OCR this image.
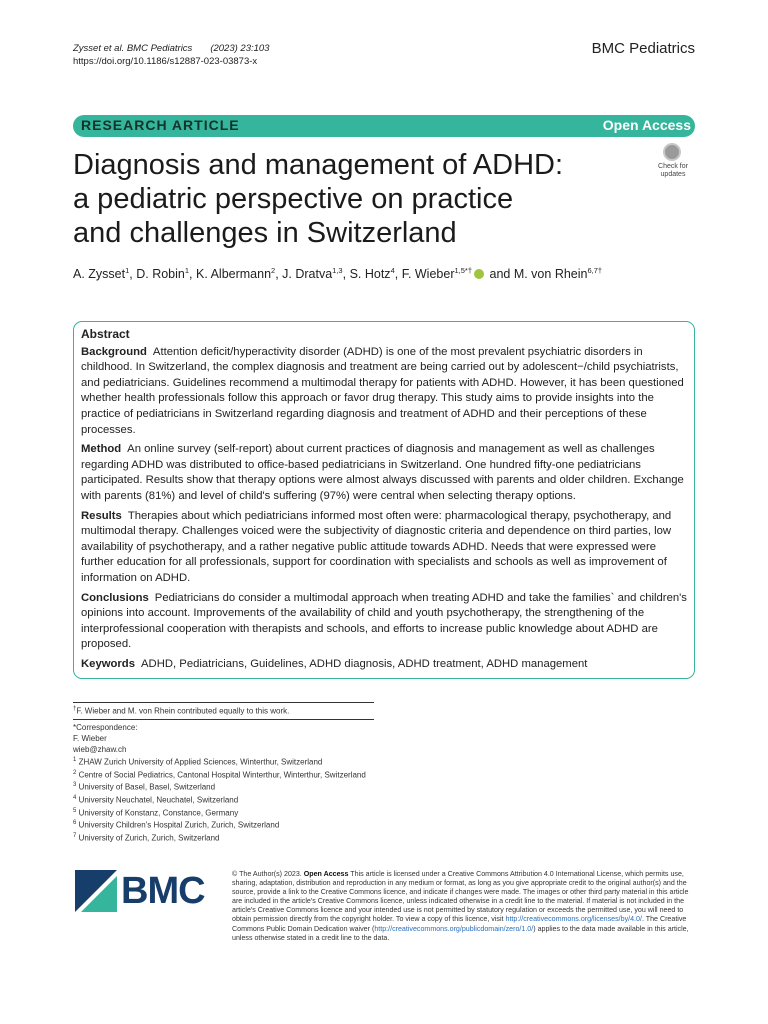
Zysset et al. BMC Pediatrics (2023) 23:103
https://doi.org/10.1186/s12887-023-03873-x
BMC Pediatrics
RESEARCH ARTICLE	Open Access
Diagnosis and management of ADHD:
a pediatric perspective on practice
and challenges in Switzerland
Check for
updates
A. Zysset$^1$, D. Robin$^1$, K. Albermann$^2$, J. Dratva$^{1,3}$, S. Hotz$^4$, F. Wieber$^{1,5*\dagger}$ and M. von Rhein$^{6,7\dagger}$
Abstract

Background Attention deficit/hyperactivity disorder (ADHD) is one of the most prevalent psychiatric disorders in childhood. In Switzerland, the complex diagnosis and treatment are being carried out by adolescent−/child psychiatrists, and pediatricians. Guidelines recommend a multimodal therapy for patients with ADHD. However, it has been questioned whether health professionals follow this approach or favor drug therapy. This study aims to provide insights into the practice of pediatricians in Switzerland regarding diagnosis and treatment of ADHD and their perceptions of these processes.

Method An online survey (self-report) about current practices of diagnosis and management as well as challenges regarding ADHD was distributed to office-based pediatricians in Switzerland. One hundred fifty-one pediatricians participated. Results show that therapy options were almost always discussed with parents and older children. Exchange with parents (81%) and level of child's suffering (97%) were central when selecting therapy options.

Results Therapies about which pediatricians informed most often were: pharmacological therapy, psychotherapy, and multimodal therapy. Challenges voiced were the subjectivity of diagnostic criteria and dependence on third parties, low availability of psychotherapy, and a rather negative public attitude towards ADHD. Needs that were expressed were further education for all professionals, support for coordination with specialists and schools as well as improvement of information on ADHD.

Conclusions Pediatricians do consider a multimodal approach when treating ADHD and take the families` and children's opinions into account. Improvements of the availability of child and youth psychotherapy, the strengthening of the interprofessional cooperation with therapists and schools, and efforts to increase public knowledge about ADHD are proposed.

Keywords ADHD, Pediatricians, Guidelines, ADHD diagnosis, ADHD treatment, ADHD management

†F. Wieber and M. von Rhein contributed equally to this work.
*Correspondence:
F. Wieber
wieb@zhaw.ch
$^1$ ZHAW Zurich University of Applied Sciences, Winterthur, Switzerland
$^2$ Centre of Social Pediatrics, Cantonal Hospital Winterthur, Winterthur, Switzerland
$^3$ University of Basel, Basel, Switzerland
$^4$ University Neuchatel, Neuchatel, Switzerland
$^5$ University of Konstanz, Constance, Germany
$^6$ University Children's Hospital Zurich, Zurich, Switzerland
$^7$ University of Zurich, Zurich, Switzerland
BMC	© The Author(s) 2023. Open Access This article is licensed under a Creative Commons Attribution 4.0 International License, which permits use, sharing, adaptation, distribution and reproduction in any medium or format, as long as you give appropriate credit to the original author(s) and the source, provide a link to the Creative Commons licence, and indicate if changes were made. The images or other third party material in this article are included in the article's Creative Commons licence, unless indicated otherwise in a credit line to the material. If material is not included in the article's Creative Commons licence and your intended use is not permitted by statutory regulation or exceeds the permitted use, you will need to obtain permission directly from the copyright holder. To view a copy of this licence, visit http://creativecommons.org/licenses/by/4.0/. The Creative Commons Public Domain Dedication waiver (http://creativecommons.org/publicdomain/zero/1.0/) applies to the data made available in this article, unless otherwise stated in a credit line to the data.
